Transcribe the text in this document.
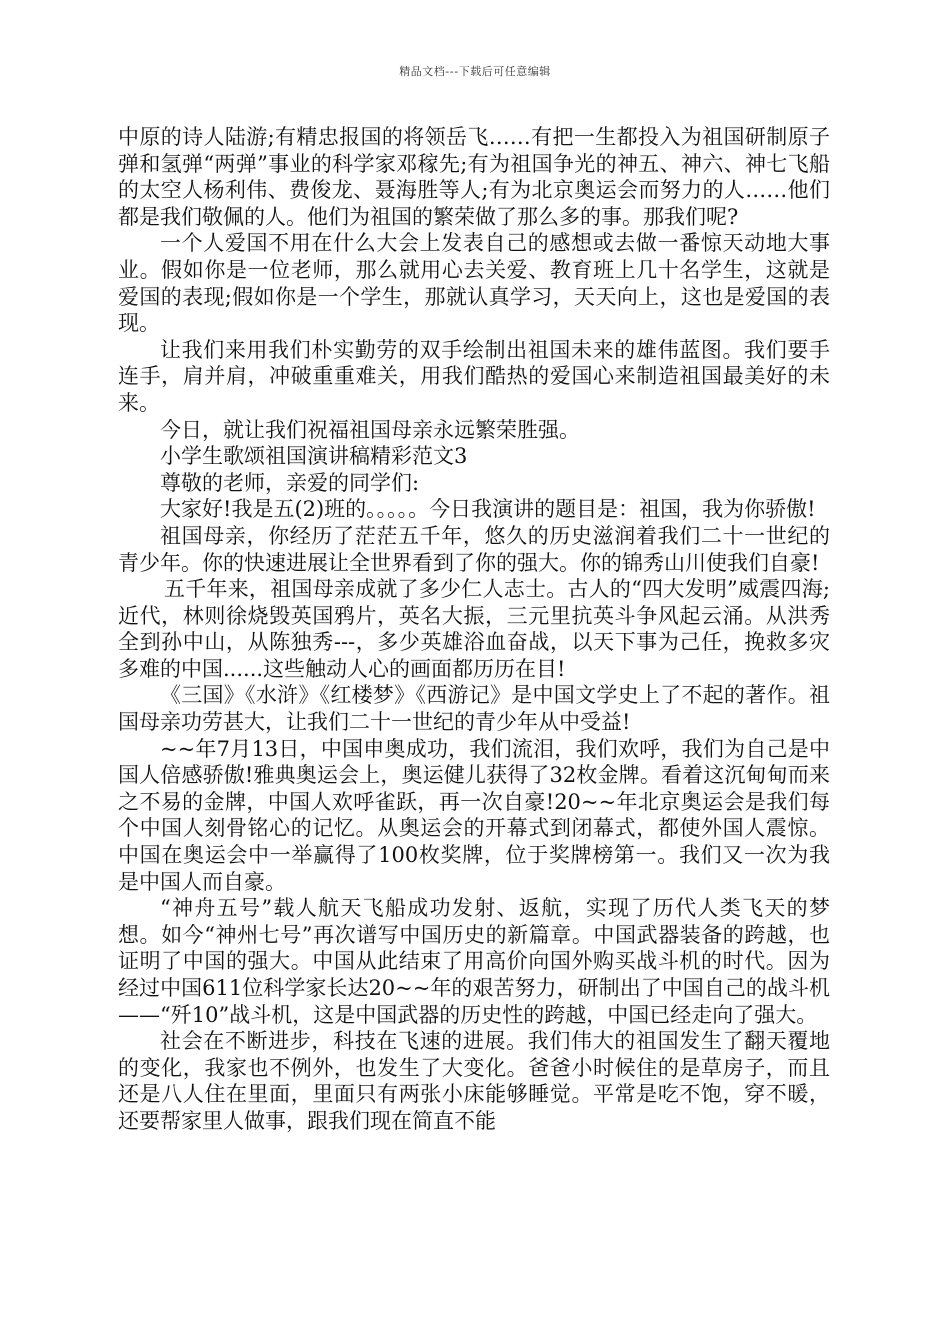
精品文档---下载后可任意编辑

中原的诗人陆游;有精忠报国的将领岳飞……有把一生都投入为祖国研制原子弹和氢弹“两弹”事业的科学家邓稼先;有为祖国争光的神五、神六、神七飞船的太空人杨利伟、费俊龙、聂海胜等人;有为北京奥运会而努力的人……他们都是我们敬佩的人。他们为祖国的繁荣做了那么多的事。那我们呢?

一个人爱国不用在什么大会上发表自己的感想或去做一番惊天动地大事业。假如你是一位老师，那么就用心去关爱、教育班上几十名学生，这就是爱国的表现;假如你是一个学生，那就认真学习，天天向上，这也是爱国的表现。

让我们来用我们朴实勤劳的双手绘制出祖国未来的雄伟蓝图。我们要手连手，肩并肩，冲破重重难关，用我们酷热的爱国心来制造祖国最美好的未来。

今日，就让我们祝福祖国母亲永远繁荣胜强。

小学生歌颂祖国演讲稿精彩范文3

尊敬的老师，亲爱的同学们:

大家好!我是五(2)班的。。。。。今日我演讲的题目是：祖国，我为你骄傲!

祖国母亲，你经历了茫茫五千年，悠久的历史滋润着我们二十一世纪的青少年。你的快速进展让全世界看到了你的强大。你的锦秀山川使我们自豪!

五千年来，祖国母亲成就了多少仁人志士。古人的“四大发明”威震四海;近代，林则徐烧毁英国鸦片，英名大振，三元里抗英斗争风起云涌。从洪秀全到孙中山，从陈独秀---，多少英雄浴血奋战，以天下事为己任，挽救多灾多难的中国......这些触动人心的画面都历历在目!

《三国》《水浒》《红楼梦》《西游记》是中国文学史上了不起的著作。祖国母亲功劳甚大，让我们二十一世纪的青少年从中受益!

~~年7月13日，中国申奥成功，我们流泪，我们欢呼，我们为自己是中国人倍感骄傲!雅典奥运会上，奥运健儿获得了32枚金牌。看着这沉甸甸而来之不易的金牌，中国人欢呼雀跃，再一次自豪!20~~年北京奥运会是我们每个中国人刻骨铭心的记忆。从奥运会的开幕式到闭幕式，都使外国人震惊。中国在奥运会中一举赢得了100枚奖牌，位于奖牌榜第一。我们又一次为我是中国人而自豪。

“神舟五号”载人航天飞船成功发射、返航，实现了历代人类飞天的梦想。如今“神州七号”再次谱写中国历史的新篇章。中国武器装备的跨越，也证明了中国的强大。中国从此结束了用高价向国外购买战斗机的时代。因为经过中国611位科学家长达20~~年的艰苦努力，研制出了中国自己的战斗机——“歼10”战斗机，这是中国武器的历史性的跨越，中国已经走向了强大。

社会在不断进步，科技在飞速的进展。我们伟大的祖国发生了翻天覆地的变化，我家也不例外，也发生了大变化。爸爸小时候住的是草房子，而且还是八人住在里面，里面只有两张小床能够睡觉。平常是吃不饱，穿不暖，还要帮家里人做事，跟我们现在简直不能
